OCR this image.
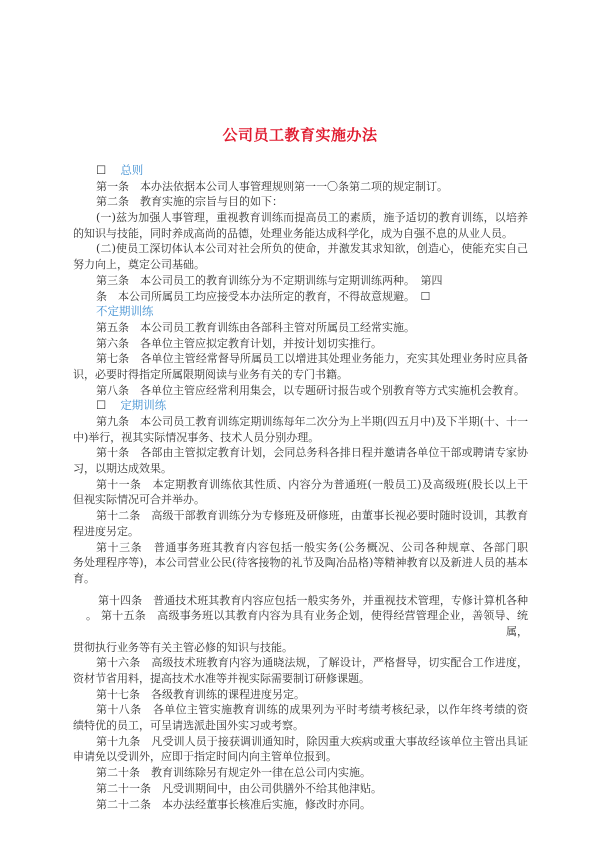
公司员工教育实施办法
☐ 总则
第一条　本办法依据本公司人事管理规则第一一〇条第二项的规定制订。
第二条　教育实施的宗旨与目的如下：
(一)兹为加强人事管理，重视教育训练而提高员工的素质，施予适切的教育训练，以培养
的知识与技能，同时养成高尚的品德，处理业务能达成科学化，成为自强不息的从业人员。
(二)使员工深切体认本公司对社会所负的使命，并激发其求知欲，创造心，使能充实自己
努力向上，奠定公司基础。
第三条　本公司员工的教育训练分为不定期训练与定期训练两种。　第四
条　本公司所属员工均应接受本办法所定的教育，不得故意规避。　☐
不定期训练
第五条　本公司员工教育训练由各部科主管对所属员工经常实施。
第六条　各单位主管应拟定教育计划，并按计划切实推行。
第七条　各单位主管经常督导所属员工以增进其处理业务能力，充实其处理业务时应具备
识，必要时得指定所属限期阅读与业务有关的专门书籍。
第八条　各单位主管应经常利用集会，以专题研讨报告或个别教育等方式实施机会教育。
☐ 定期训练
第九条　本公司员工教育训练定期训练每年二次分为上半期(四五月中)及下半期(十、十一
中)举行，视其实际情况事务、技术人员分别办理。
第十条　各部由主管拟定教育计划，会同总务科各排日程并邀请各单位干部或聘请专家协
习，以期达成效果。
第十一条　本定期教育训练依其性质、内容分为普通班(一般员工)及高级班(股长以上干
但视实际情况可合并举办。
第十二条　高级干部教育训练分为专修班及研修班，由董事长视必要时随时设训，其教育
程进度另定。
第十三条　普通事务班其教育内容包括一般实务(公务概况、公司各种规章、各部门职
务处理程序等)，本公司营业公民(待客接物的礼节及陶冶品格)等精神教育以及新进人员的基本
育。
第十四条　普通技术班其教育内容应包括一般实务外，并重视技术管理，专修计算机各种
。 第十五条　高级事务班以其教育内容为具有业务企划，使得经营管理企业，善领导、统
属，
贯彻执行业务等有关主管必修的知识与技能。
第十六条　高级技术班教育内容为通晓法规，了解设计，严格督导，切实配合工作进度，
资材节省用料，提高技术水准等并视实际需要制订研修课题。
第十七条　各级教育训练的课程进度另定。
第十八条　各单位主管实施教育训练的成果列为平时考绩考核纪录，以作年终考绩的资
绩特优的员工，可呈请选派赴国外实习或考察。
第十九条　凡受训人员于接获调训通知时，除因重大疾病或重大事故经该单位主管出具证
申请免以受训外，应即于指定时间内向主管单位报到。
第二十条　教育训练除另有规定外一律在总公司内实施。
第二十一条　凡受训期间中，由公司供膳外不给其他津贴。
第二十二条　本办法经董事长核准后实施，修改时亦同。
